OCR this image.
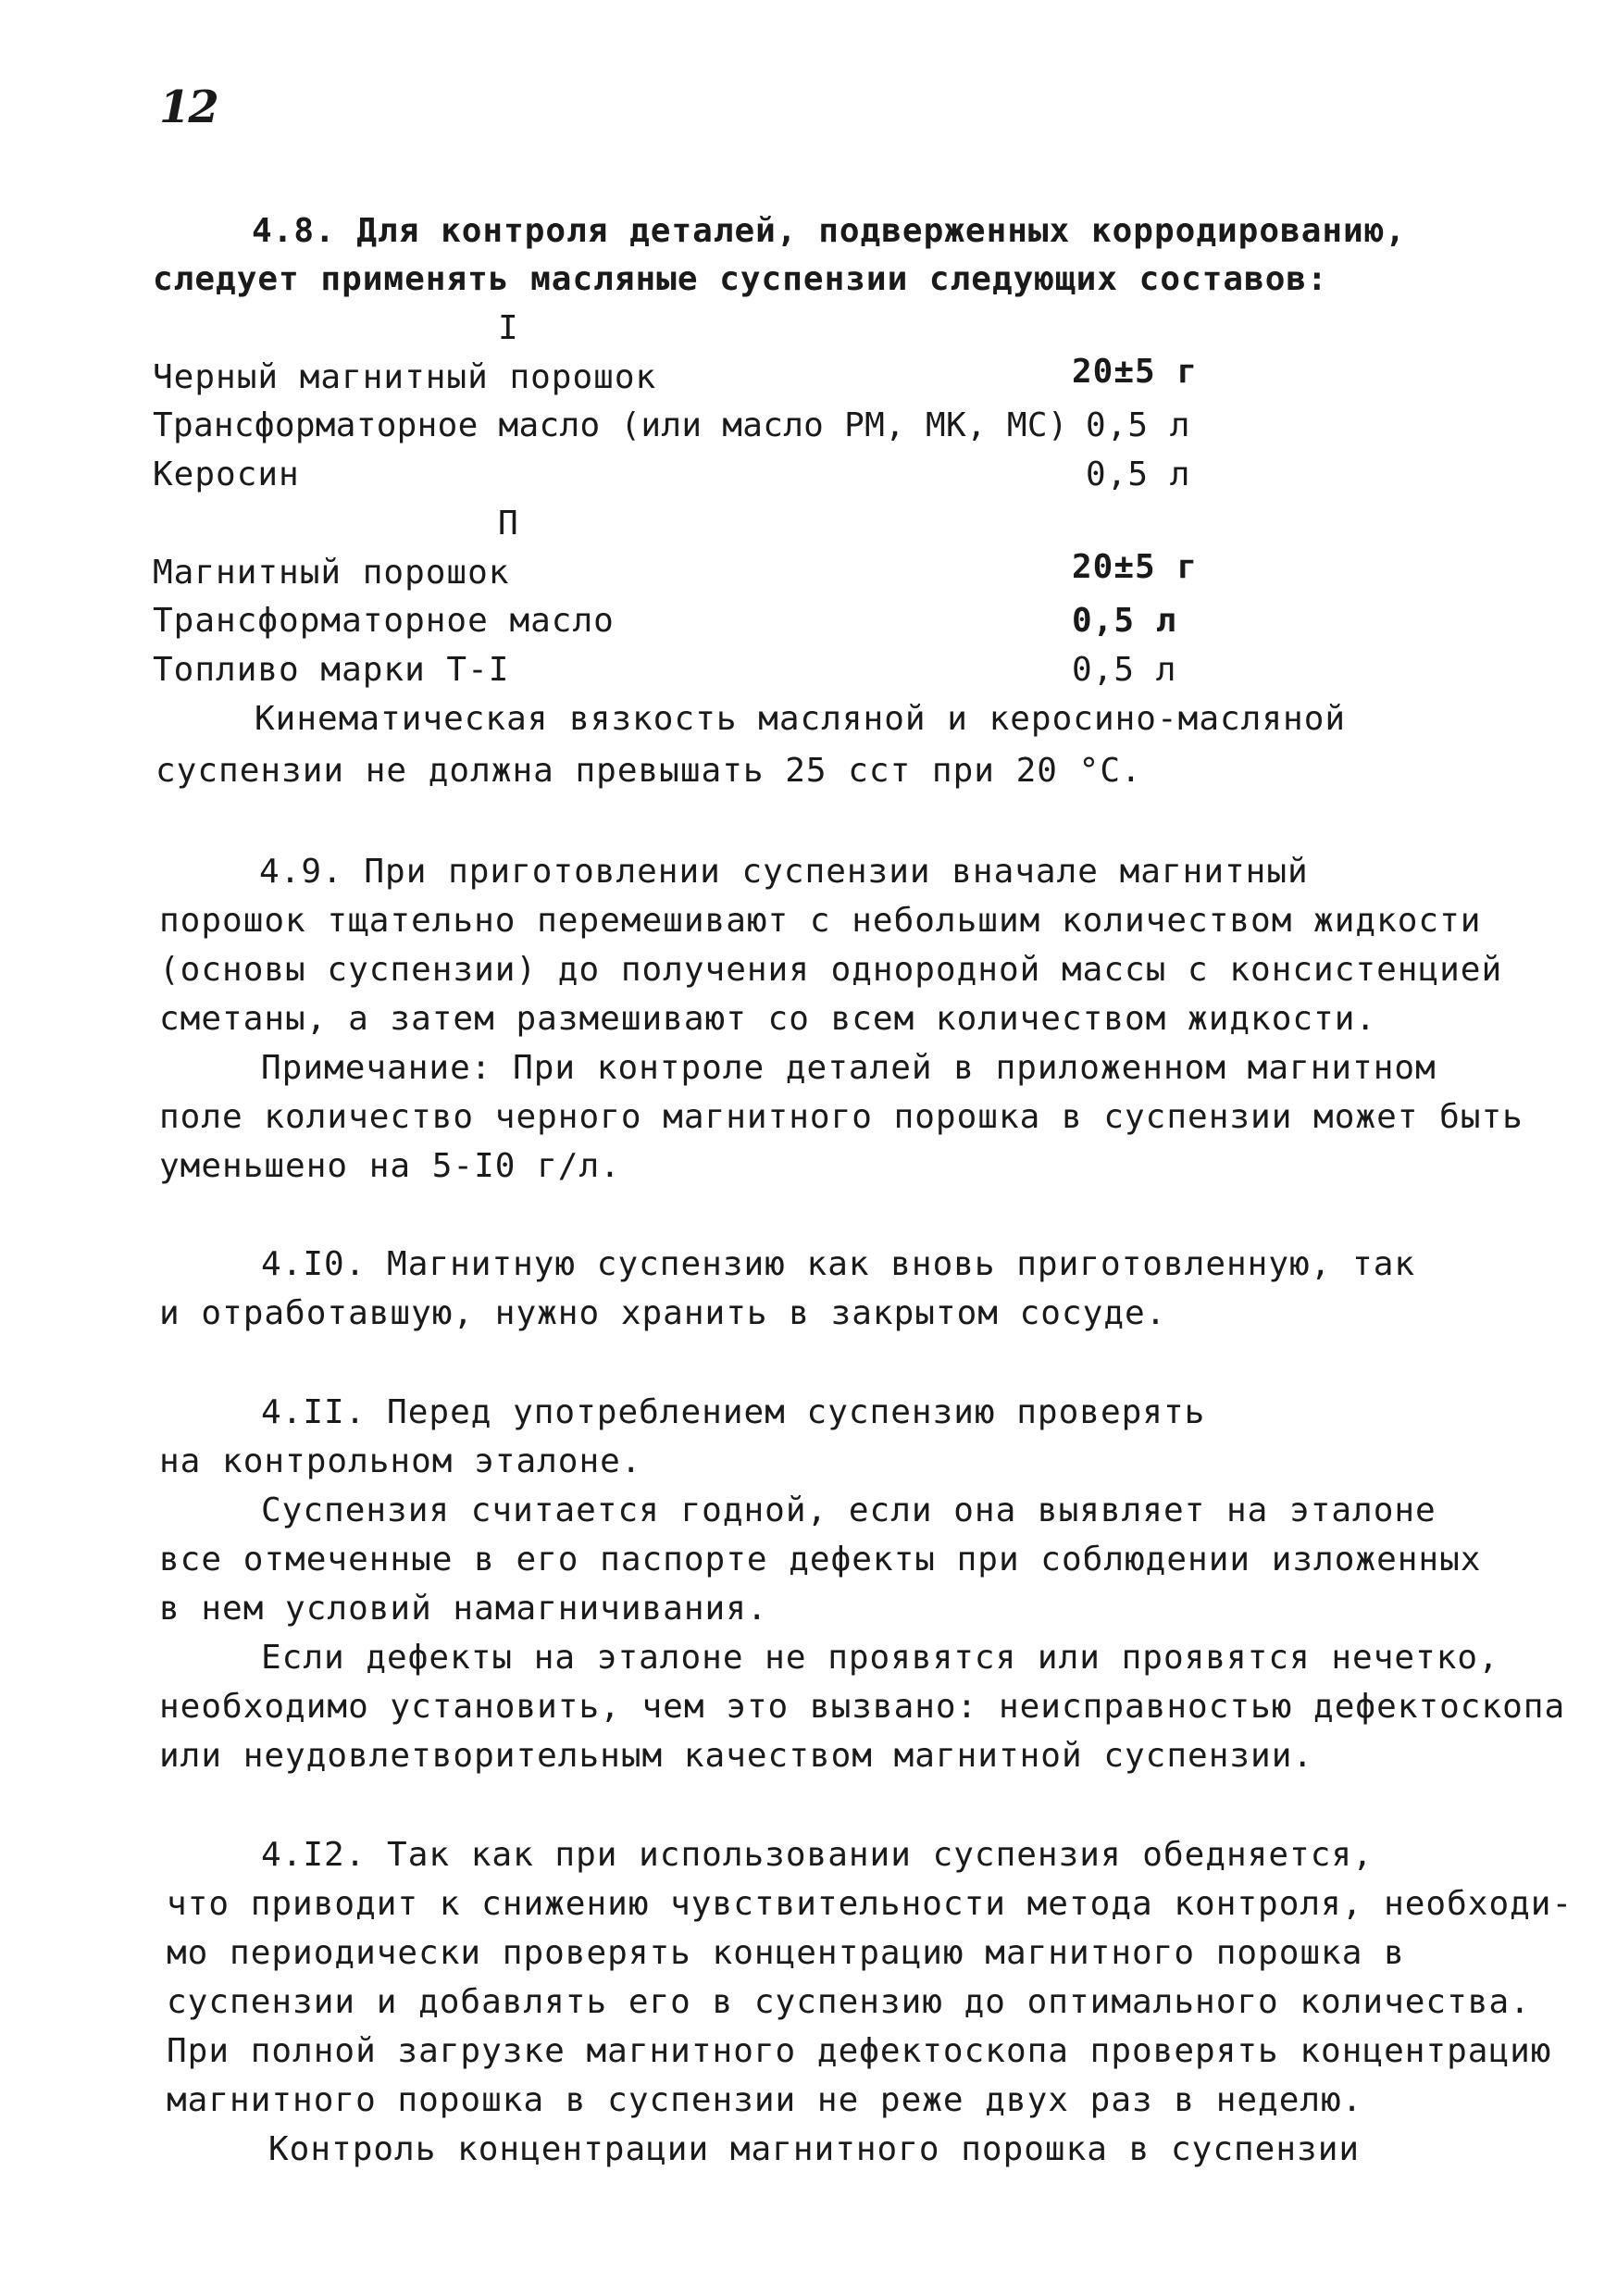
12
4.8. Для контроля деталей, подверженных корродированию,
следует применять масляные суспензии следующих составов:
I
Черный магнитный порошок	20±5 г
Трансформаторное масло (или масло РМ, МК, МС) 0,5 л
Керосин	0,5 л
П
Магнитный порошок	20±5 г
Трансформаторное масло	0,5 л
Топливо марки Т-I	0,5 л
Кинематическая вязкость масляной и керосино-масляной
суспензии не должна превышать 25 сст при 20 °С.
4.9. При приготовлении суспензии вначале магнитный
порошок тщательно перемешивают с небольшим количеством жидкости
(основы суспензии) до получения однородной массы с консистенцией
сметаны, а затем размешивают со всем количеством жидкости.
Примечание: При контроле деталей в приложенном магнитном
поле количество черного магнитного порошка в суспензии может быть
уменьшено на 5-I0 г/л.
4.I0. Магнитную суспензию как вновь приготовленную, так
и отработавшую, нужно хранить в закрытом сосуде.
4.II. Перед употреблением суспензию проверять
на контрольном эталоне.
Суспензия считается годной, если она выявляет на эталоне
все отмеченные в его паспорте дефекты при соблюдении изложенных
в нем условий намагничивания.
Если дефекты на эталоне не проявятся или проявятся нечетко,
необходимо установить, чем это вызвано: неисправностью дефектоскопа
или неудовлетворительным качеством магнитной суспензии.
4.I2. Так как при использовании суспензия обедняется,
что приводит к снижению чувствительности метода контроля, необходи-
мо периодически проверять концентрацию магнитного порошка в
суспензии и добавлять его в суспензию до оптимального количества.
При полной загрузке магнитного дефектоскопа проверять концентрацию
магнитного порошка в суспензии не реже двух раз в неделю.
Контроль концентрации магнитного порошка в суспензии
